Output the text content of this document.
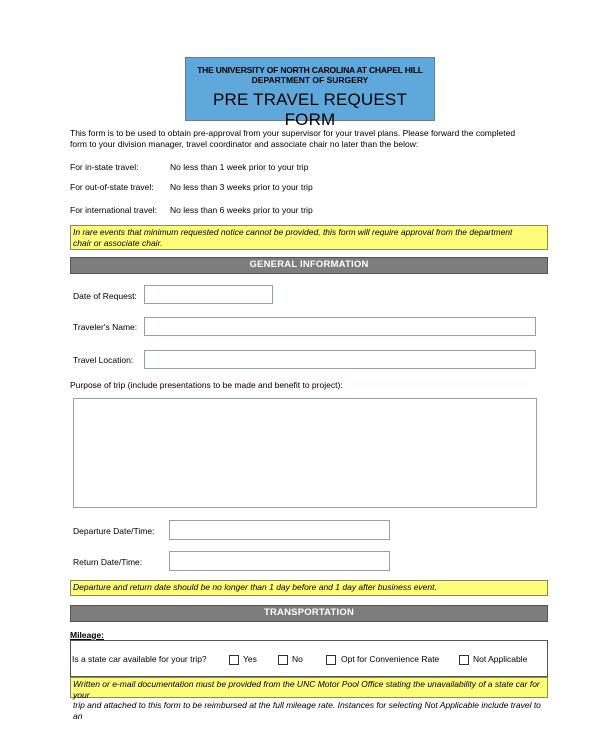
THE UNIVERSITY OF NORTH CAROLINA AT CHAPEL HILL
DEPARTMENT OF SURGERY
PRE TRAVEL REQUEST FORM
This form is to be used to obtain pre-approval from your supervisor for your travel plans. Please forward the completed
form to your division manager, travel coordinator and associate chair no later than the below:
For in-state travel:	No less than 1 week prior to your trip
For out-of-state travel: No less than 3 weeks prior to your trip
For international travel: No less than 6 weeks prior to your trip
In rare events that minimum requested notice cannot be provided, this form will require approval from the department
chair or associate chair.
GENERAL INFORMATION
Date of Request:
Traveler's Name:
Travel Location:
Purpose of trip (include presentations to be made and benefit to project):
Departure Date/Time:
Return Date/Time:
Departure and return date should be no longer than 1 day before and 1 day after business event.
TRANSPORTATION
Mileage:
Is a state car available for your trip?	Yes	No	Opt for Convenience Rate	Not Applicable
Written or e-mail documentation must be provided from the UNC Motor Pool Office stating the unavailability of a state car for your
trip and attached to this form to be reimbursed at the full mileage rate. Instances for selecting Not Applicable include travel to an
